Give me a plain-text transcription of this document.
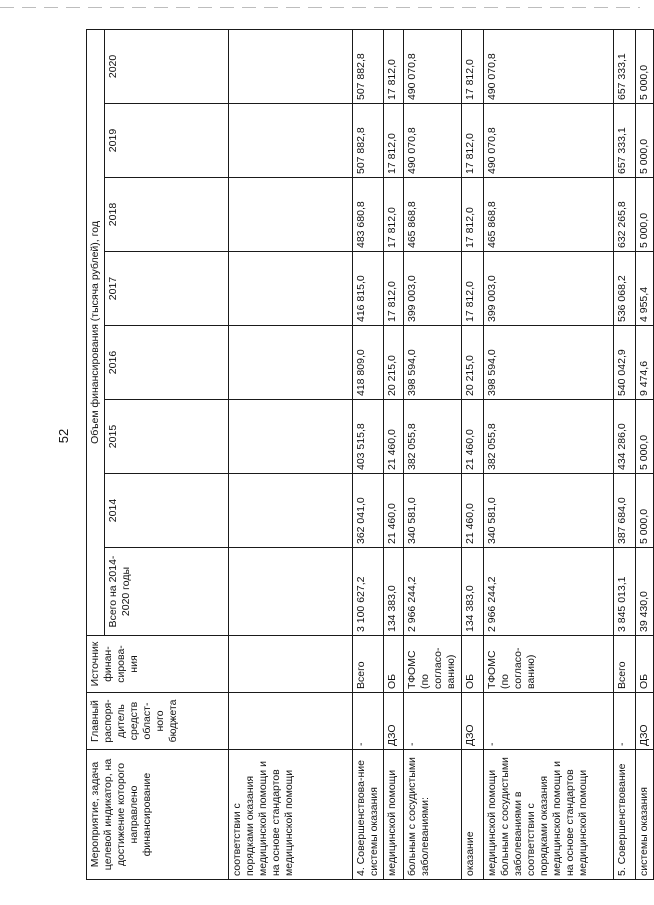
52
Мероприятие, задача целевой индикатор, на достижение которого направлено финансирование	Главный распоря-дитель средств област-ного бюджета	Источник финан-сирова-ния	Объем финансирования (тысяча рублей), год							
			Всего на 2014-2020 годы	2014	2015	2016	2017	2018	2019	2020
соответствии с порядками оказания медицинской помощи и на основе стандартов медицинской помощи										
4. Совершенствова-ние системы оказания	-	Всего	3 100 627,2	362 041,0	403 515,8	418 809,0	416 815,0	483 680,8	507 882,8	507 882,8
медицинской помощи	ДЗО	ОБ	134 383,0	21 460,0	21 460,0	20 215,0	17 812,0	17 812,0	17 812,0	17 812,0
больным с сосудистыми заболеваниями:	-	ТФОМС (по согласо-ванию)	2 966 244,2	340 581,0	382 055,8	398 594,0	399 003,0	465 868,8	490 070,8	490 070,8
оказание	ДЗО	ОБ	134 383,0	21 460,0	21 460,0	20 215,0	17 812,0	17 812,0	17 812,0	17 812,0
медицинской помощи больным с сосудистыми заболеваниями в соответствии с порядками оказания медицинской помощи и на основе стандартов медицинской помощи	-	ТФОМС (по согласо-ванию)	2 966 244,2	340 581,0	382 055,8	398 594,0	399 003,0	465 868,8	490 070,8	490 070,8
5. Совершенствование	-	Всего	3 845 013,1	387 684,0	434 286,0	540 042,9	536 068,2	632 265,8	657 333,1	657 333,1
системы оказания	ДЗО	ОБ	39 430,0	5 000,0	5 000,0	9 474,6	4 955,4	5 000,0	5 000,0	5 000,0
